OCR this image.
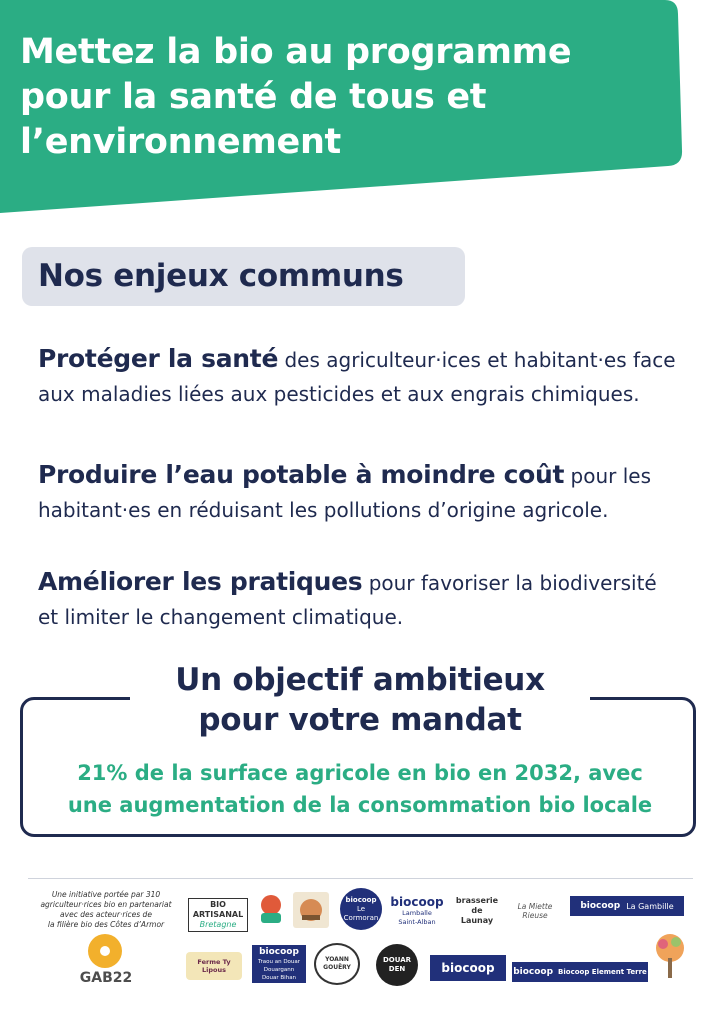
Mettez la bio au programme
pour la santé de tous et
l’environnement
Nos enjeux communs

Protéger la santé des agriculteur·ices et habitant·es face aux maladies liées aux pesticides et aux engrais chimiques.

Produire l’eau potable à moindre coût pour les habitant·es en réduisant les pollutions d’origine agricole.

Améliorer les pratiques pour favoriser la biodiversité et limiter le changement climatique.

Un objectif ambitieux
pour votre mandat

21% de la surface agricole en bio en 2032, avec
une augmentation de la consommation bio locale

Une initiative portée par 310
agriculteur·rices bio en partenariat
avec des acteur·rices de
la filière bio des Côtes d’Armor

GAB22
BIO ARTISANAL
Bretagne
biocoop
Le Cormoran
biocoop
Lamballe
Saint-Alban
brasserie de
Launay
La Miette Rieuse
biocoop La Gambille
Ferme Ty Lipous
biocoop
Traou an Douar
Douargann
Douar Bihan
YOANN GOUËRY
DOUAR DEN	biocoop biocoop Biocoop Element Terre
